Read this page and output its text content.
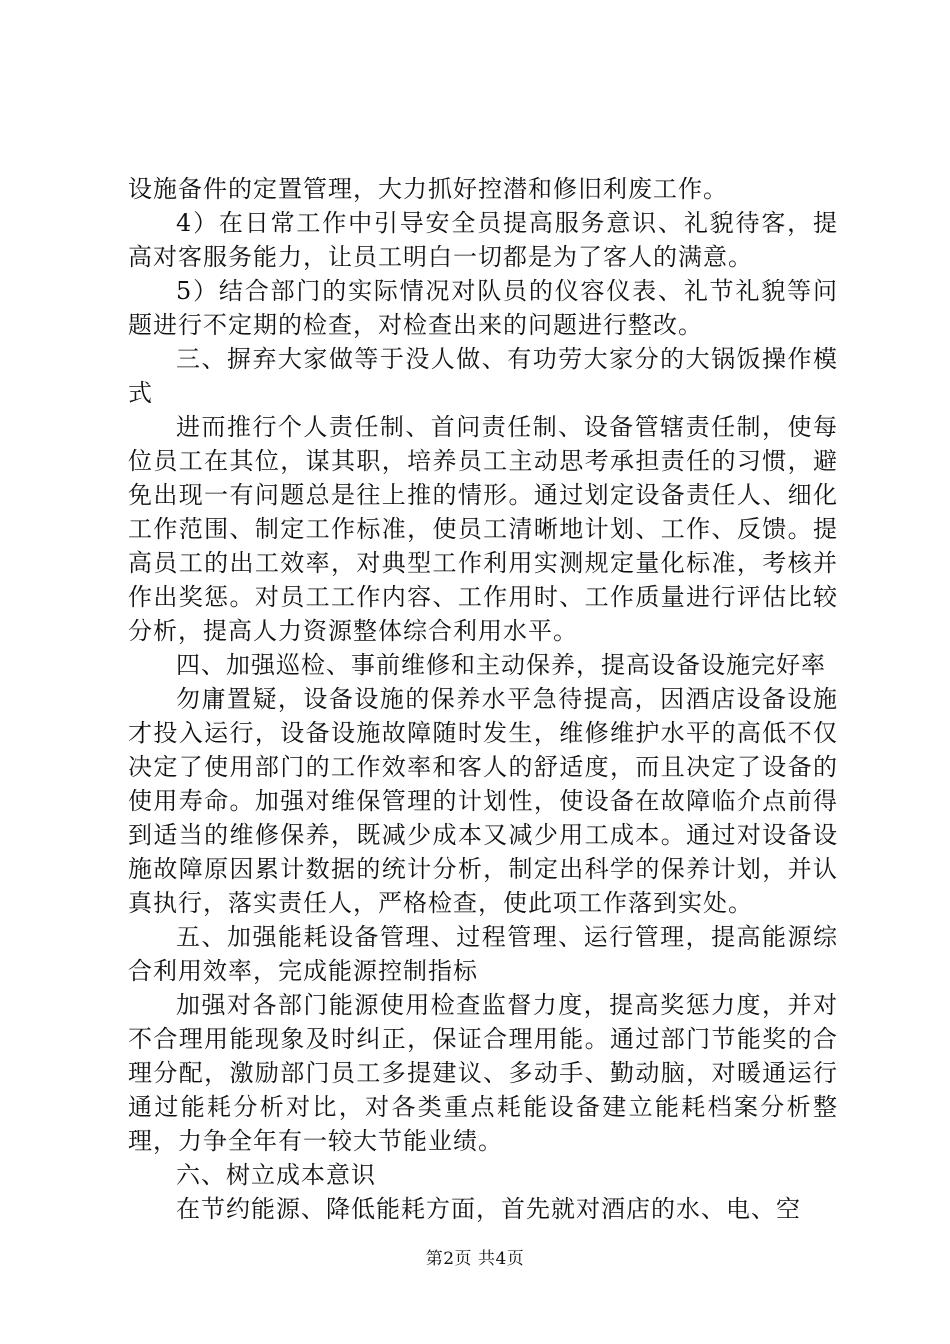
设施备件的定置管理，大力抓好控潜和修旧利废工作。

4）在日常工作中引导安全员提高服务意识、礼貌待客，提高对客服务能力，让员工明白一切都是为了客人的满意。

5）结合部门的实际情况对队员的仪容仪表、礼节礼貌等问题进行不定期的检查，对检查出来的问题进行整改。

三、摒弃大家做等于没人做、有功劳大家分的大锅饭操作模式

进而推行个人责任制、首问责任制、设备管辖责任制，使每位员工在其位，谋其职，培养员工主动思考承担责任的习惯，避免出现一有问题总是往上推的情形。通过划定设备责任人、细化工作范围、制定工作标准，使员工清晰地计划、工作、反馈。提高员工的出工效率，对典型工作利用实测规定量化标准，考核并作出奖惩。对员工工作内容、工作用时、工作质量进行评估比较分析，提高人力资源整体综合利用水平。

四、加强巡检、事前维修和主动保养，提高设备设施完好率

勿庸置疑，设备设施的保养水平急待提高，因酒店设备设施才投入运行，设备设施故障随时发生，维修维护水平的高低不仅决定了使用部门的工作效率和客人的舒适度，而且决定了设备的使用寿命。加强对维保管理的计划性，使设备在故障临介点前得到适当的维修保养，既减少成本又减少用工成本。通过对设备设施故障原因累计数据的统计分析，制定出科学的保养计划，并认真执行，落实责任人，严格检查，使此项工作落到实处。

五、加强能耗设备管理、过程管理、运行管理，提高能源综合利用效率，完成能源控制指标

加强对各部门能源使用检查监督力度，提高奖惩力度，并对不合理用能现象及时纠正，保证合理用能。通过部门节能奖的合理分配，激励部门员工多提建议、多动手、勤动脑，对暖通运行通过能耗分析对比，对各类重点耗能设备建立能耗档案分析整理，力争全年有一较大节能业绩。

六、树立成本意识

在节约能源、降低能耗方面，首先就对酒店的水、电、空

第2页 共4页
